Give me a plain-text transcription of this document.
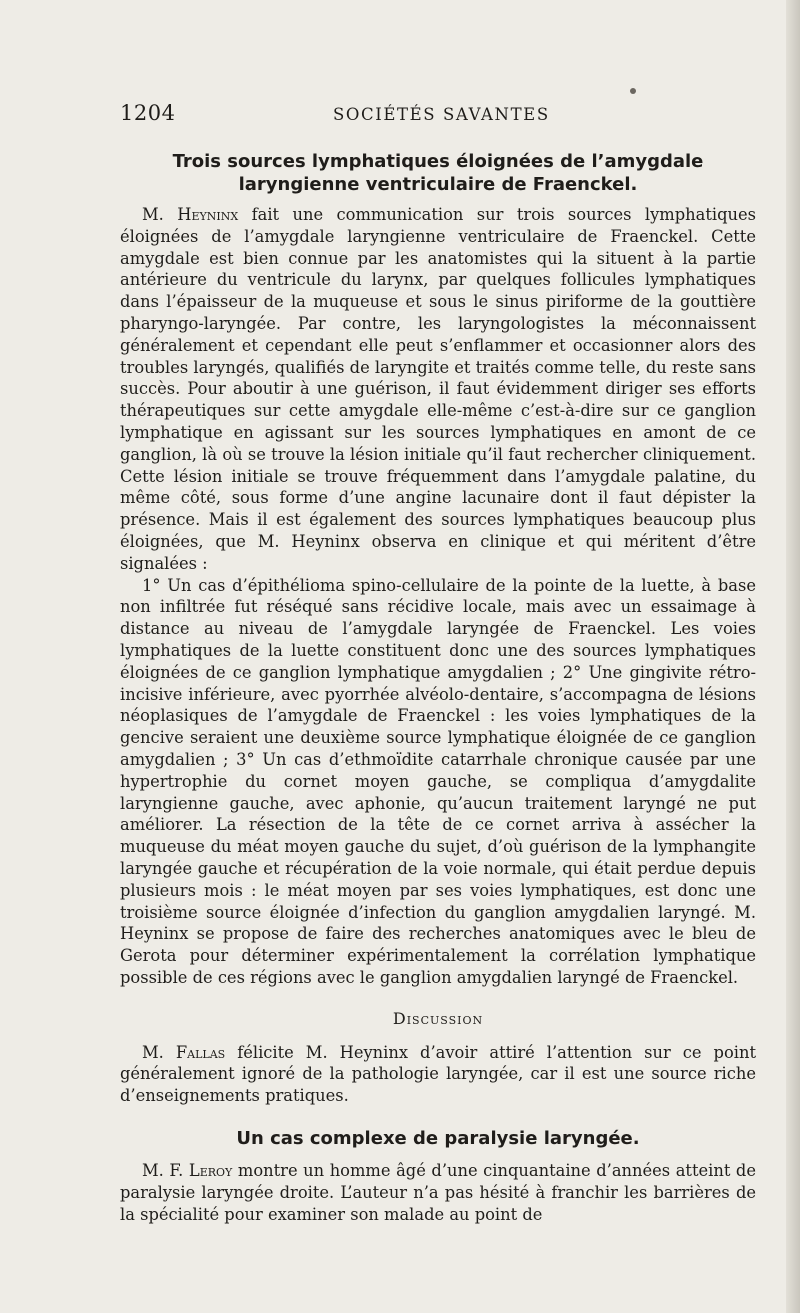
1204	SOCIÉTÉS SAVANTES
Trois sources lymphatiques éloignées de l’amygdale laryngienne ventriculaire de Fraenckel.

M. Heyninx fait une communication sur trois sources lymphatiques éloignées de l’amygdale laryngienne ventriculaire de Fraenckel. Cette amygdale est bien connue par les anatomistes qui la situent à la partie antérieure du ventricule du larynx, par quelques follicules lymphatiques dans l’épaisseur de la muqueuse et sous le sinus piriforme de la gouttière pharyngo-laryngée. Par contre, les laryngologistes la méconnaissent généralement et cependant elle peut s’enflammer et occasionner alors des troubles laryngés, qualifiés de laryngite et traités comme telle, du reste sans succès. Pour aboutir à une guérison, il faut évidemment diriger ses efforts thérapeutiques sur cette amygdale elle-même c’est-à-dire sur ce ganglion lymphatique en agissant sur les sources lymphatiques en amont de ce ganglion, là où se trouve la lésion initiale qu’il faut rechercher cliniquement. Cette lésion initiale se trouve fréquemment dans l’amygdale palatine, du même côté, sous forme d’une angine lacunaire dont il faut dépister la présence. Mais il est également des sources lymphatiques beaucoup plus éloignées, que M. Heyninx observa en clinique et qui méritent d’être signalées :

1° Un cas d’épithélioma spino-cellulaire de la pointe de la luette, à base non infiltrée fut réséqué sans récidive locale, mais avec un essaimage à distance au niveau de l’amygdale laryngée de Fraenckel. Les voies lymphatiques de la luette constituent donc une des sources lymphatiques éloignées de ce ganglion lymphatique amygdalien ; 2° Une gingivite rétro-incisive inférieure, avec pyorrhée alvéolo-dentaire, s’accompagna de lésions néoplasiques de l’amygdale de Fraenckel : les voies lymphatiques de la gencive seraient une deuxième source lymphatique éloignée de ce ganglion amygdalien ; 3° Un cas d’ethmoïdite catarrhale chronique causée par une hypertrophie du cornet moyen gauche, se compliqua d’amygdalite laryngienne gauche, avec aphonie, qu’aucun traitement laryngé ne put améliorer. La résection de la tête de ce cornet arriva à assécher la muqueuse du méat moyen gauche du sujet, d’où guérison de la lymphangite laryngée gauche et récupération de la voie normale, qui était perdue depuis plusieurs mois : le méat moyen par ses voies lymphatiques, est donc une troisième source éloignée d’infection du ganglion amygdalien laryngé. M. Heyninx se propose de faire des recherches anatomiques avec le bleu de Gerota pour déterminer expérimentalement la corrélation lymphatique possible de ces régions avec le ganglion amygdalien laryngé de Fraenckel.

Discussion

M. Fallas félicite M. Heyninx d’avoir attiré l’attention sur ce point généralement ignoré de la pathologie laryngée, car il est une source riche d’enseignements pratiques.

Un cas complexe de paralysie laryngée.

M. F. Leroy montre un homme âgé d’une cinquantaine d’années atteint de paralysie laryngée droite. L’auteur n’a pas hésité à franchir les barrières de la spécialité pour examiner son malade au point de
